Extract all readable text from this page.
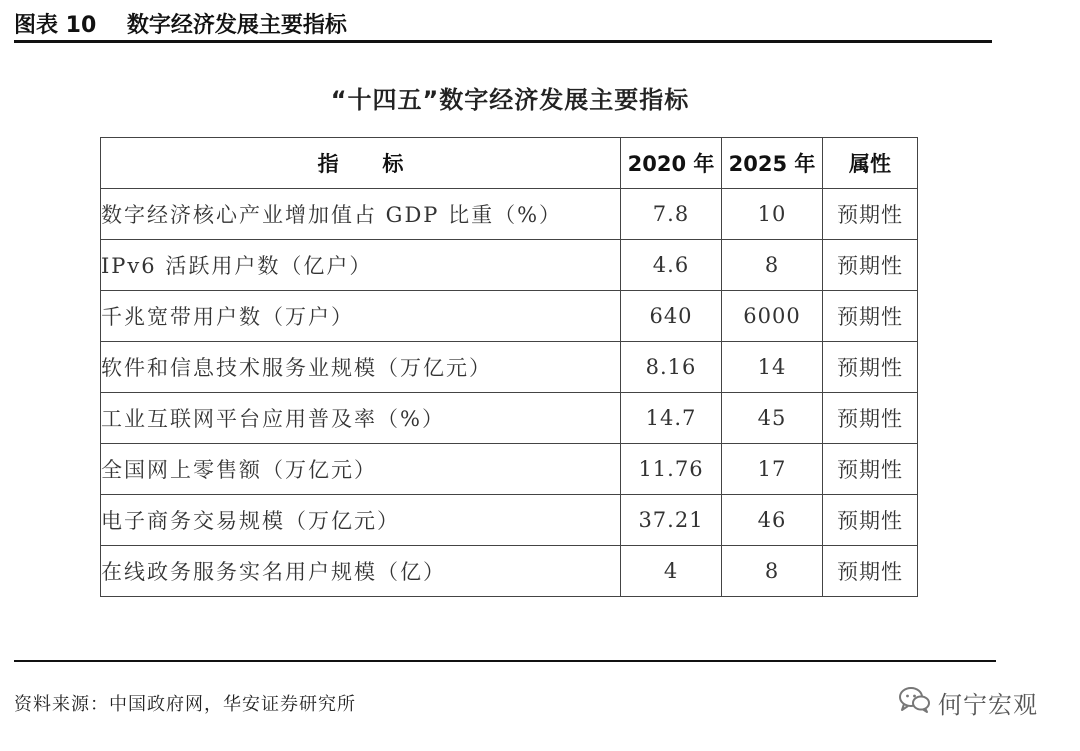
图表 10    数字经济发展主要指标
“十四五”数字经济发展主要指标
指      标	2020 年	2025 年	属性
数字经济核心产业增加值占 GDP 比重（%）	7.8	10	预期性
IPv6 活跃用户数（亿户）	4.6	8	预期性
千兆宽带用户数（万户）	640	6000	预期性
软件和信息技术服务业规模（万亿元）	8.16	14	预期性
工业互联网平台应用普及率（%）	14.7	45	预期性
全国网上零售额（万亿元）	11.76	17	预期性
电子商务交易规模（万亿元）	37.21	46	预期性
在线政务服务实名用户规模（亿）	4	8	预期性
资料来源：中国政府网，华安证券研究所	何宁宏观
